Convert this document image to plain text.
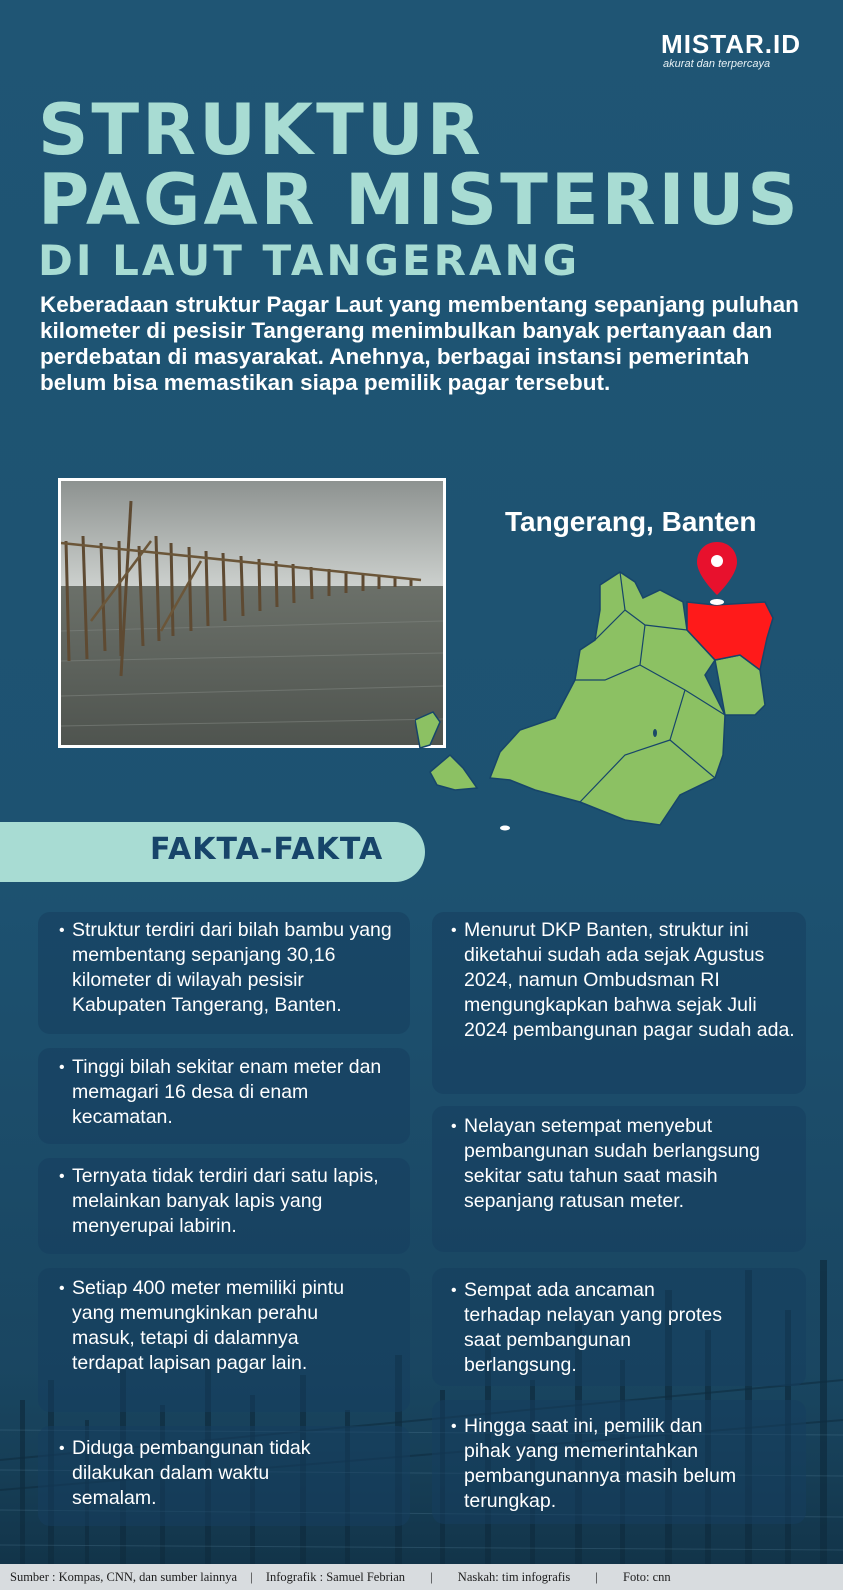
MISTAR.ID
akurat dan terpercaya
STRUKTUR
PAGAR MISTERIUS
DI LAUT TANGERANG
Keberadaan struktur Pagar Laut yang membentang sepanjang puluhan kilometer di pesisir Tangerang menimbulkan banyak pertanyaan dan perdebatan di masyarakat. Anehnya, berbagai instansi pemerintah belum bisa memastikan siapa pemilik pagar tersebut.
Tangerang, Banten
FAKTA-FAKTA
• Struktur terdiri dari bilah bambu yang membentang sepanjang 30,16 kilometer di wilayah pesisir Kabupaten Tangerang, Banten.
• Tinggi bilah sekitar enam meter dan memagari 16 desa di enam kecamatan.
• Ternyata tidak terdiri dari satu lapis, melainkan banyak lapis yang menyerupai labirin.
• Setiap 400 meter memiliki pintu yang memungkinkan perahu masuk, tetapi di dalamnya terdapat lapisan pagar lain.
• Diduga pembangunan tidak dilakukan dalam waktu semalam.
• Menurut DKP Banten, struktur ini diketahui sudah ada sejak Agustus 2024, namun Ombudsman RI mengungkapkan bahwa sejak Juli 2024 pembangunan pagar sudah ada.
• Nelayan setempat menyebut pembangunan sudah berlangsung sekitar satu tahun saat masih sepanjang ratusan meter.
• Sempat ada ancaman terhadap nelayan yang protes saat pembangunan berlangsung.
• Hingga saat ini, pemilik dan pihak yang memerintahkan pembangunannya masih belum terungkap.
Sumber : Kompas, CNN, dan sumber lainnya | Infografik : Samuel Febrian | Naskah: tim infografis | Foto: cnn
